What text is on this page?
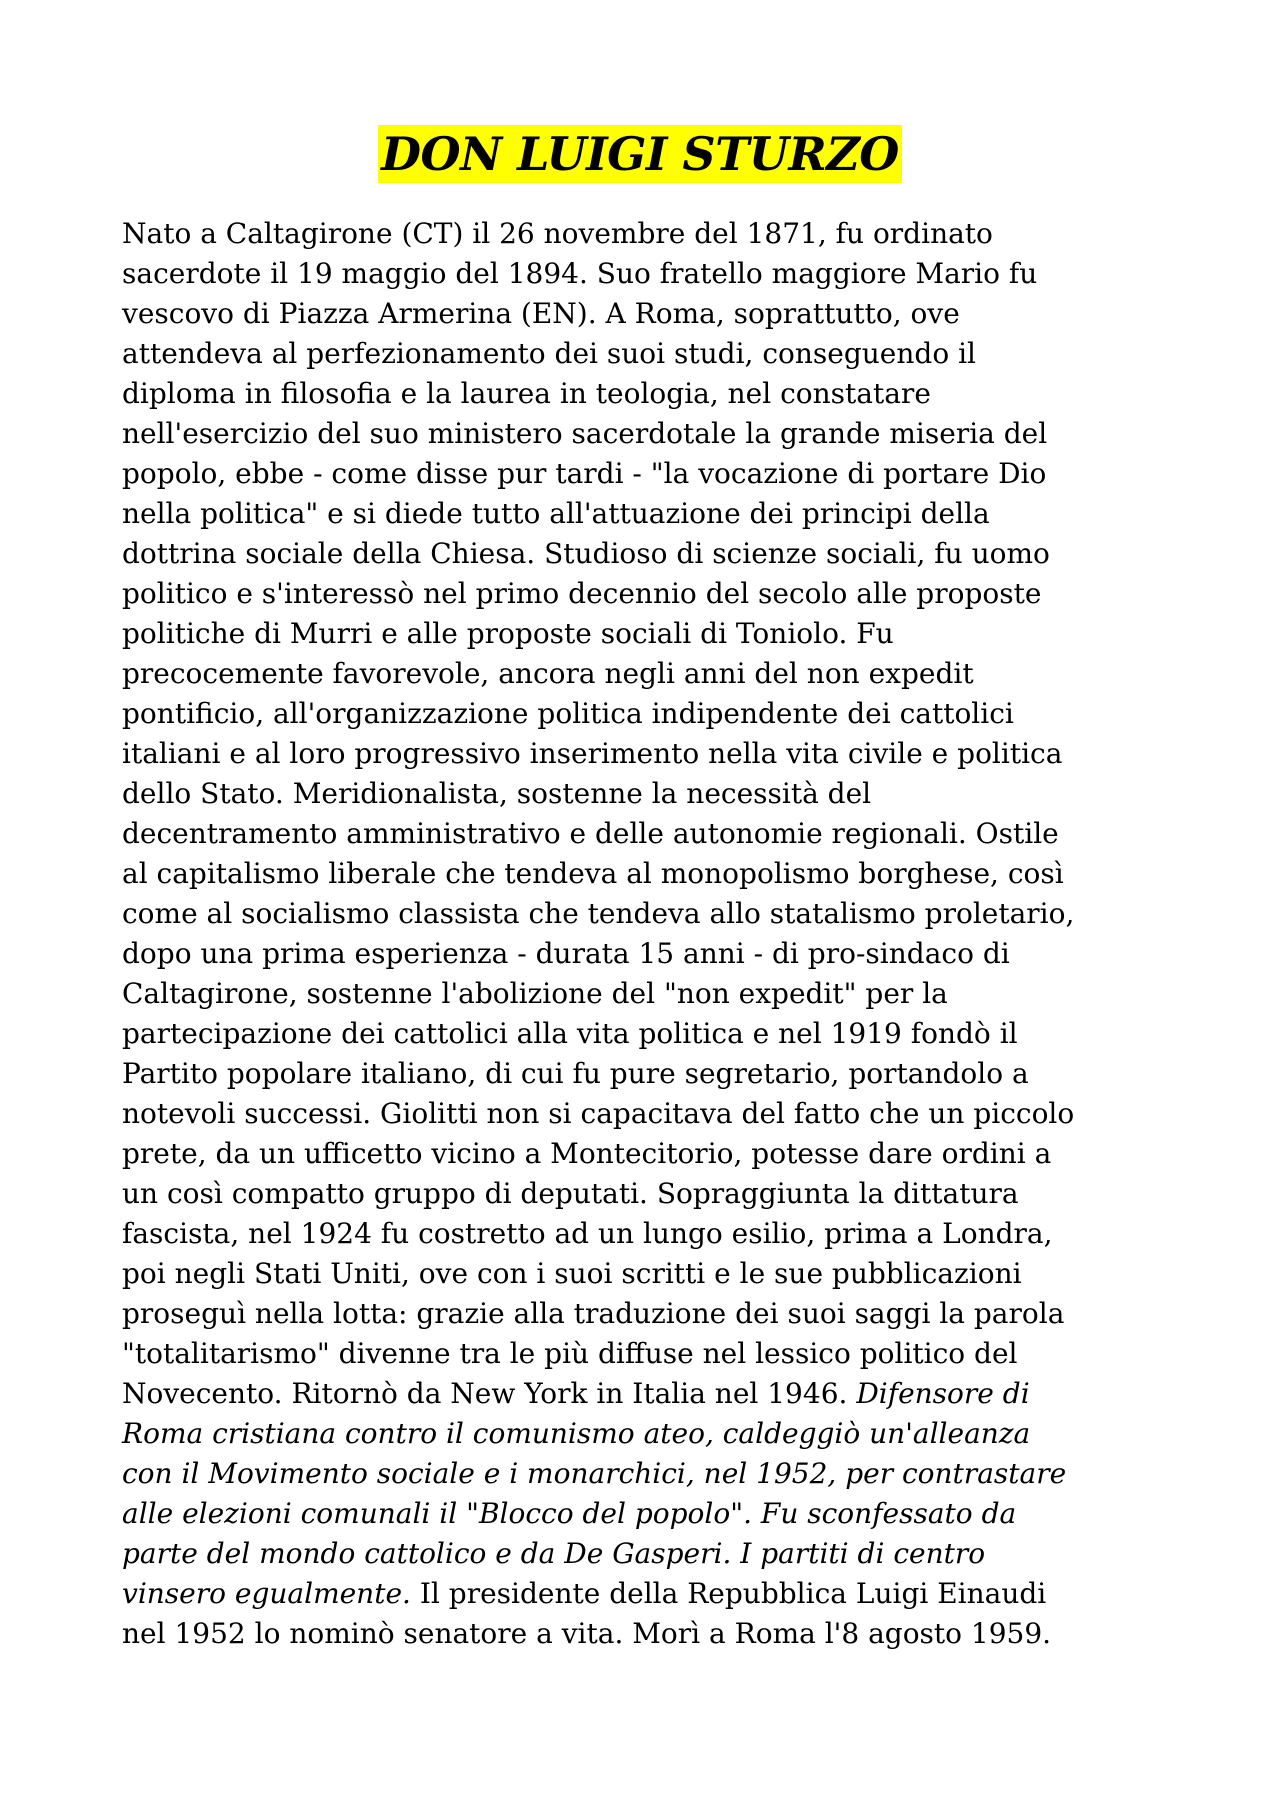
DON LUIGI STURZO
Nato a Caltagirone (CT) il 26 novembre del 1871, fu ordinato
sacerdote il 19 maggio del 1894. Suo fratello maggiore Mario fu
vescovo di Piazza Armerina (EN). A Roma, soprattutto, ove
attendeva al perfezionamento dei suoi studi, conseguendo il
diploma in filosofia e la laurea in teologia, nel constatare
nell'esercizio del suo ministero sacerdotale la grande miseria del
popolo, ebbe - come disse pur tardi - "la vocazione di portare Dio
nella politica" e si diede tutto all'attuazione dei principi della
dottrina sociale della Chiesa. Studioso di scienze sociali, fu uomo
politico e s'interessò nel primo decennio del secolo alle proposte
politiche di Murri e alle proposte sociali di Toniolo. Fu
precocemente favorevole, ancora negli anni del non expedit
pontificio, all'organizzazione politica indipendente dei cattolici
italiani e al loro progressivo inserimento nella vita civile e politica
dello Stato. Meridionalista, sostenne la necessità del
decentramento amministrativo e delle autonomie regionali. Ostile
al capitalismo liberale che tendeva al monopolismo borghese, così
come al socialismo classista che tendeva allo statalismo proletario,
dopo una prima esperienza - durata 15 anni - di pro-sindaco di
Caltagirone, sostenne l'abolizione del "non expedit" per la
partecipazione dei cattolici alla vita politica e nel 1919 fondò il
Partito popolare italiano, di cui fu pure segretario, portandolo a
notevoli successi. Giolitti non si capacitava del fatto che un piccolo
prete, da un ufficetto vicino a Montecitorio, potesse dare ordini a
un così compatto gruppo di deputati. Sopraggiunta la dittatura
fascista, nel 1924 fu costretto ad un lungo esilio, prima a Londra,
poi negli Stati Uniti, ove con i suoi scritti e le sue pubblicazioni
proseguì nella lotta: grazie alla traduzione dei suoi saggi la parola
"totalitarismo" divenne tra le più diffuse nel lessico politico del
Novecento. Ritornò da New York in Italia nel 1946. Difensore di
Roma cristiana contro il comunismo ateo, caldeggiò un'alleanza
con il Movimento sociale e i monarchici, nel 1952, per contrastare
alle elezioni comunali il "Blocco del popolo". Fu sconfessato da
parte del mondo cattolico e da De Gasperi. I partiti di centro
vinsero egualmente. Il presidente della Repubblica Luigi Einaudi
nel 1952 lo nominò senatore a vita. Morì a Roma l'8 agosto 1959.
